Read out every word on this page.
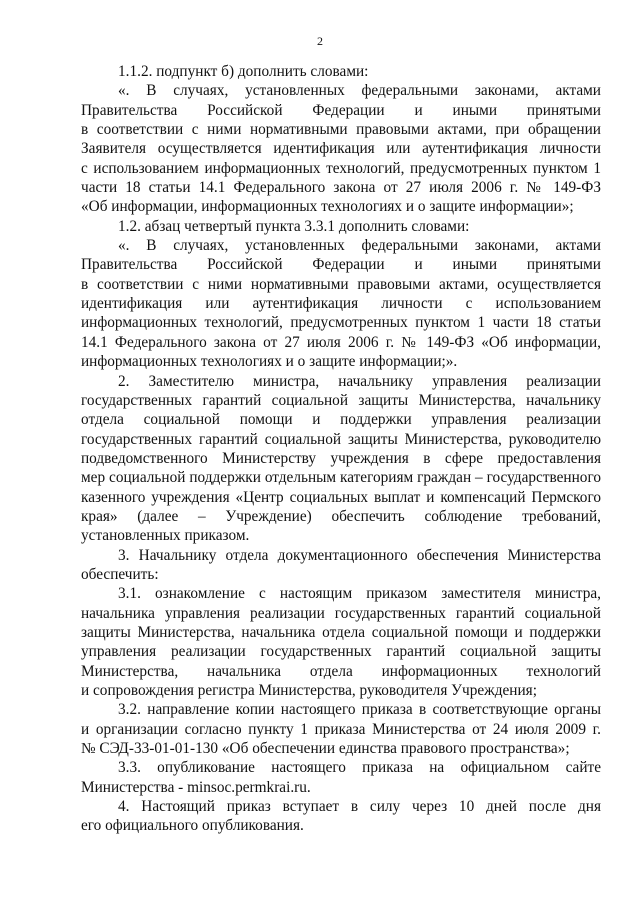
2
1.1.2. подпункт б) дополнить словами:
«. В случаях, установленных федеральными законами, актами
Правительства Российской Федерации и иными принятыми
в соответствии с ними нормативными правовыми актами, при обращении
Заявителя осуществляется идентификация или аутентификация личности
с использованием информационных технологий, предусмотренных пунктом 1
части 18 статьи 14.1 Федерального закона от 27 июля 2006 г. № 149-ФЗ
«Об информации, информационных технологиях и о защите информации»;
1.2. абзац четвертый пункта 3.3.1 дополнить словами:
«. В случаях, установленных федеральными законами, актами
Правительства Российской Федерации и иными принятыми
в соответствии с ними нормативными правовыми актами, осуществляется
идентификация или аутентификация личности с использованием
информационных технологий, предусмотренных пунктом 1 части 18 статьи
14.1 Федерального закона от 27 июля 2006 г. № 149-ФЗ «Об информации,
информационных технологиях и о защите информации;».
2. Заместителю министра, начальнику управления реализации
государственных гарантий социальной защиты Министерства, начальнику
отдела социальной помощи и поддержки управления реализации
государственных гарантий социальной защиты Министерства, руководителю
подведомственного Министерству учреждения в сфере предоставления
мер социальной поддержки отдельным категориям граждан – государственного
казенного учреждения «Центр социальных выплат и компенсаций Пермского
края» (далее – Учреждение) обеспечить соблюдение требований,
установленных приказом.
3. Начальнику отдела документационного обеспечения Министерства
обеспечить:
3.1. ознакомление с настоящим приказом заместителя министра,
начальника управления реализации государственных гарантий социальной
защиты Министерства, начальника отдела социальной помощи и поддержки
управления реализации государственных гарантий социальной защиты
Министерства, начальника отдела информационных технологий
и сопровождения регистра Министерства, руководителя Учреждения;
3.2. направление копии настоящего приказа в соответствующие органы
и организации согласно пункту 1 приказа Министерства от 24 июля 2009 г.
№ СЭД-33-01-01-130 «Об обеспечении единства правового пространства»;
3.3. опубликование настоящего приказа на официальном сайте
Министерства - minsoc.permkrai.ru.
4. Настоящий приказ вступает в силу через 10 дней после дня
его официального опубликования.
